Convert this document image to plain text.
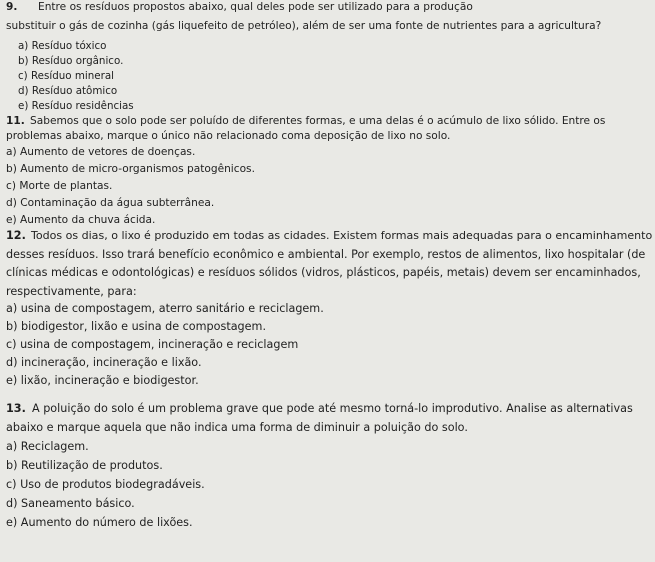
9. Entre os resíduos propostos abaixo, qual deles pode ser utilizado para a produção
substituir o gás de cozinha (gás liquefeito de petróleo), além de ser uma fonte de nutrientes para a agricultura?
a) Resíduo tóxico
b) Resíduo orgânico.
c) Resíduo mineral
d) Resíduo atômico
e) Resíduo residências
11. Sabemos que o solo pode ser poluído de diferentes formas, e uma delas é o acúmulo de lixo sólido. Entre os
problemas abaixo, marque o único não relacionado coma deposição de lixo no solo.
a) Aumento de vetores de doenças.
b) Aumento de micro-organismos patogênicos.
c) Morte de plantas.
d) Contaminação da água subterrânea.
e) Aumento da chuva ácida.
12. Todos os dias, o lixo é produzido em todas as cidades. Existem formas mais adequadas para o encaminhamento
desses resíduos. Isso trará benefício econômico e ambiental. Por exemplo, restos de alimentos, lixo hospitalar (de
clínicas médicas e odontológicas) e resíduos sólidos (vidros, plásticos, papéis, metais) devem ser encaminhados,
respectivamente, para:
a) usina de compostagem, aterro sanitário e reciclagem.
b) biodigestor, lixão e usina de compostagem.
c) usina de compostagem, incineração e reciclagem
d) incineração, incineração e lixão.
e) lixão, incineração e biodigestor.
13. A poluição do solo é um problema grave que pode até mesmo torná-lo improdutivo. Analise as alternativas
abaixo e marque aquela que não indica uma forma de diminuir a poluição do solo.
a) Reciclagem.
b) Reutilização de produtos.
c) Uso de produtos biodegradáveis.
d) Saneamento básico.
e) Aumento do número de lixões.
